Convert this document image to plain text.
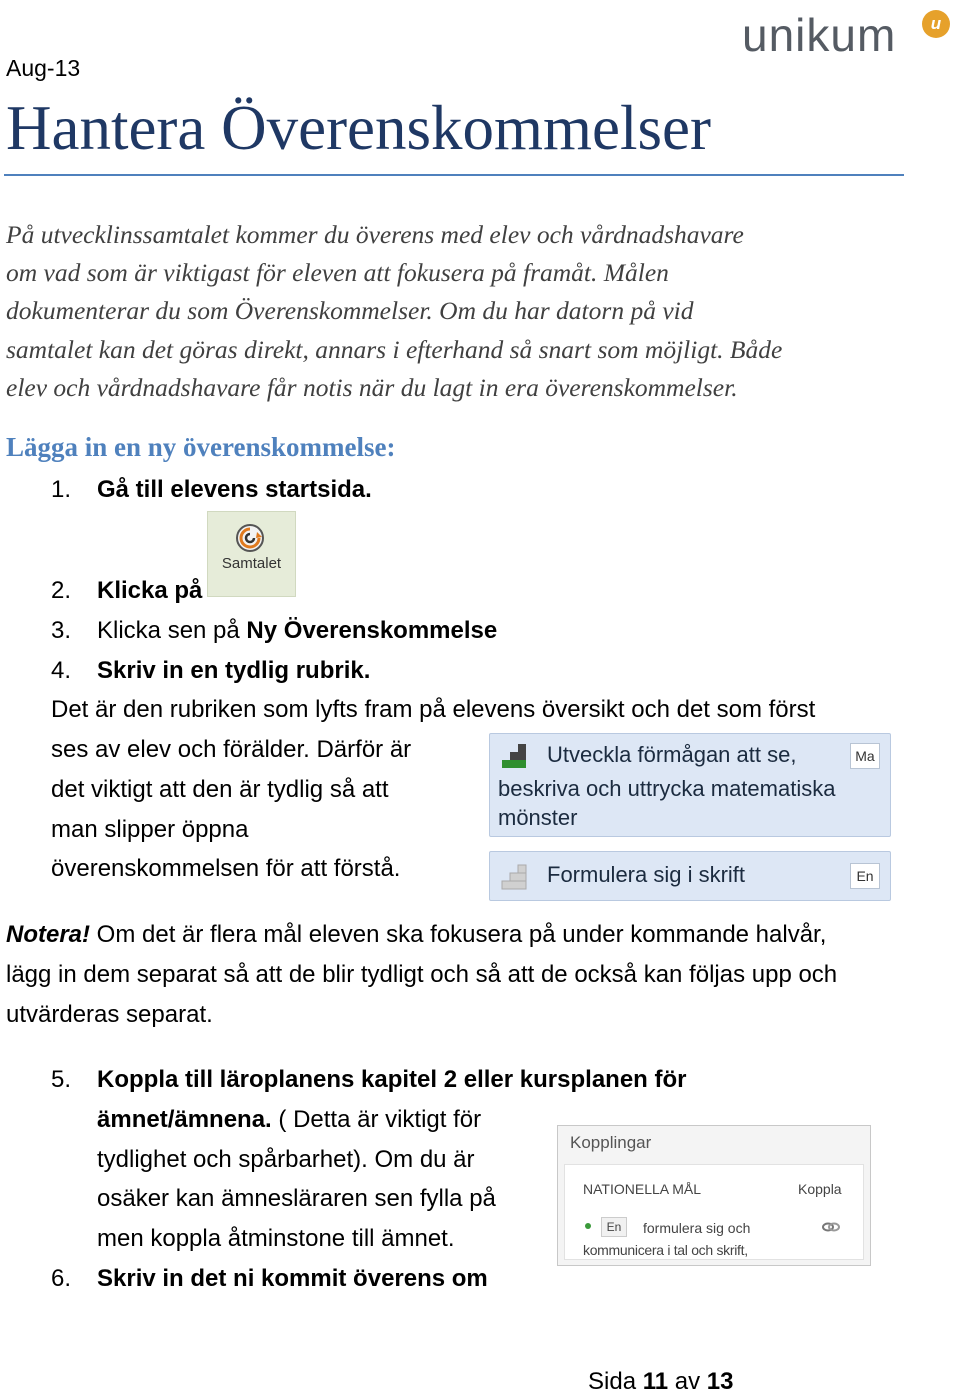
Aug-13
unikum	u
Hantera Överenskommelser
På utvecklinssamtalet kommer du överens med elev och vårdnadshavare
om vad som är viktigast för eleven att fokusera på framåt. Målen
dokumenterar du som Överenskommelser. Om du har datorn på vid
samtalet kan det göras direkt, annars i efterhand så snart som möjligt. Både
elev och vårdnadshavare får notis när du lagt in era överenskommelser.
Lägga in en ny överenskommelse:
1. Gå till elevens startsida.
Samtalet
2. Klicka på
3. Klicka sen på Ny Överenskommelse
4. Skriv in en tydlig rubrik.
Det är den rubriken som lyfts fram på elevens översikt och det som först
ses av elev och förälder. Därför är
det viktigt att den är tydlig så att
man slipper öppna
överenskommelsen för att förstå.
Utveckla förmågan att se,
beskriva och uttrycka matematiska
mönster
Ma
Formulera sig i skrift	En
Notera! Om det är flera mål eleven ska fokusera på under kommande halvår,
lägg in dem separat så att de blir tydligt och så att de också kan följas upp och
utvärderas separat.
5. Koppla till läroplanens kapitel 2 eller kursplanen för
ämnet/ämnena. ( Detta är viktigt för
tydlighet och spårbarhet). Om du är
osäker kan ämnesläraren sen fylla på
men koppla åtminstone till ämnet.
Kopplingar
NATIONELLA MÅL	Koppla
En	formulera sig och
kommunicera i tal och skrift,
6. Skriv in det ni kommit överens om
Sida 11 av 13
